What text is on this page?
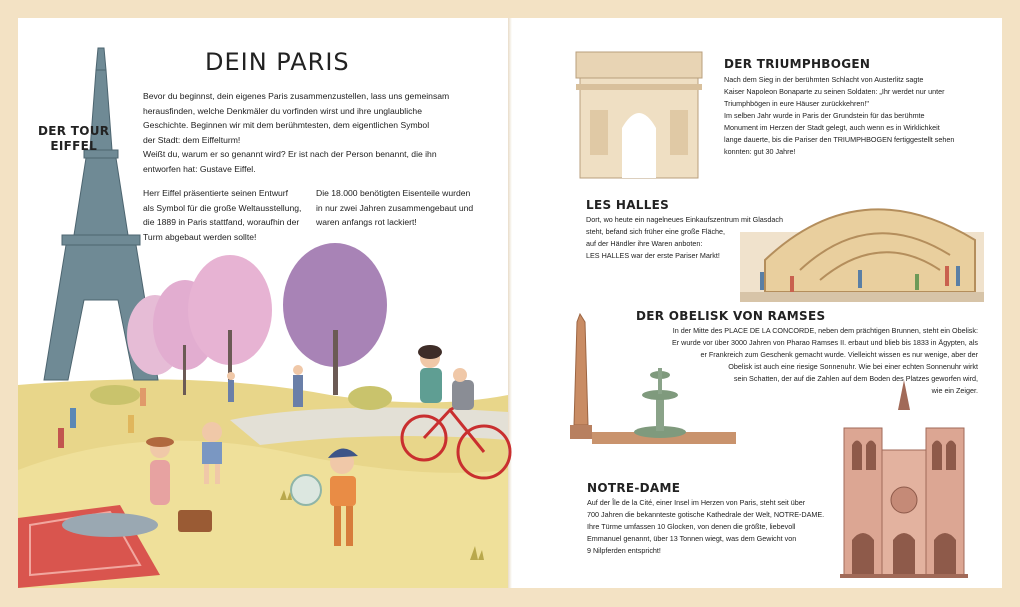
DEIN PARIS
DER TOUR
EIFFEL
Bevor du beginnst, dein eigenes Paris zusammenzustellen, lass uns gemeinsam
herausfinden, welche Denkmäler du vorfinden wirst und ihre unglaubliche
Geschichte. Beginnen wir mit dem berühmtesten, dem eigentlichen Symbol
der Stadt: dem Eiffelturm!
Weißt du, warum er so genannt wird? Er ist nach der Person benannt, die ihn
entworfen hat: Gustave Eiffel.
Herr Eiffel präsentierte seinen Entwurf
als Symbol für die große Weltausstellung,
die 1889 in Paris stattfand, woraufhin der
Turm abgebaut werden sollte!
Die 18.000 benötigten Eisenteile wurden
in nur zwei Jahren zusammengebaut und
waren anfangs rot lackiert!
DER TRIUMPHBOGEN
Nach dem Sieg in der berühmten Schlacht von Austerlitz sagte
Kaiser Napoleon Bonaparte zu seinen Soldaten: „Ihr werdet nur unter
Triumphbögen in eure Häuser zurückkehren!"
Im selben Jahr wurde in Paris der Grundstein für das berühmte
Monument im Herzen der Stadt gelegt, auch wenn es in Wirklichkeit
lange dauerte, bis die Pariser den TRIUMPHBOGEN fertiggestellt sehen
konnten: gut 30 Jahre!
LES HALLES
Dort, wo heute ein nagelneues Einkaufszentrum mit Glasdach
steht, befand sich früher eine große Fläche,
auf der Händler ihre Waren anboten:
LES HALLES war der erste Pariser Markt!
DER OBELISK VON RAMSES
In der Mitte des PLACE DE LA CONCORDE, neben dem prächtigen Brunnen, steht ein Obelisk:
Er wurde vor über 3000 Jahren von Pharao Ramses II. erbaut und blieb bis 1833 in Ägypten, als
er Frankreich zum Geschenk gemacht wurde. Vielleicht wissen es nur wenige, aber der
Obelisk ist auch eine riesige Sonnenuhr. Wie bei einer echten Sonnenuhr wirkt
sein Schatten, der auf die Zahlen auf dem Boden des Platzes geworfen wird,
wie ein Zeiger.
NOTRE-DAME
Auf der Île de la Cité, einer Insel im Herzen von Paris, steht seit über
700 Jahren die bekannteste gotische Kathedrale der Welt, NOTRE-DAME.
Ihre Türme umfassen 10 Glocken, von denen die größte, liebevoll
Emmanuel genannt, über 13 Tonnen wiegt, was dem Gewicht von
9 Nilpferden entspricht!
